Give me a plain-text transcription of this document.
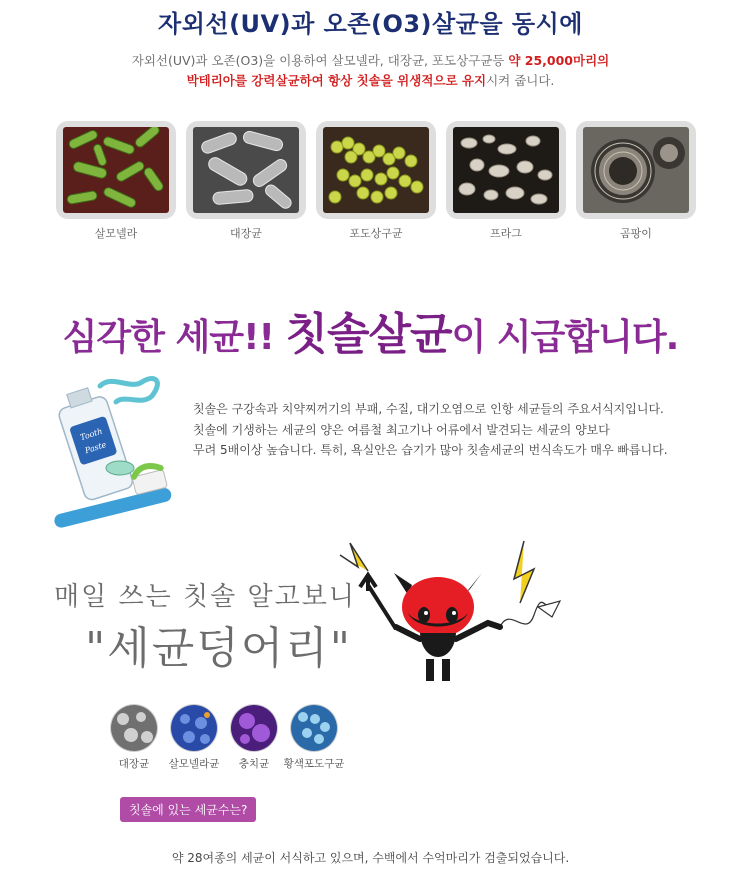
자외선(UV)과 오존(O3)살균을 동시에
자외선(UV)과 오존(O3)을 이용하여 살모넬라, 대장균, 포도상구균등 약 25,000마리의
박테리아를 강력살균하여 항상 칫솔을 위생적으로 유지시켜 줍니다.
살모넬라	대장균	포도상구균	프라그	곰팡이
심각한 세균!! 칫솔살균이 시급합니다.
Tooth
Paste
칫솔은 구강속과 치약찌꺼기의 부패, 수질, 대기오염으로 인항 세균들의 주요서식지입니다.
칫솔에 기생하는 세균의 양은 여름철 최고기나 어류에서 발견되는 세균의 양보다
무려 5배이상 높습니다. 특히, 욕실안은 습기가 많아 칫솔세균의 번식속도가 매우 빠릅니다.
매일 쓰는 칫솔 알고보니
"세균덩어리"
대장균	살모넬라균	충치균	황색포도구균
칫솔에 있는 세균수는?
약 28여종의 세균이 서식하고 있으며, 수백에서 수억마리가 검출되었습니다.
